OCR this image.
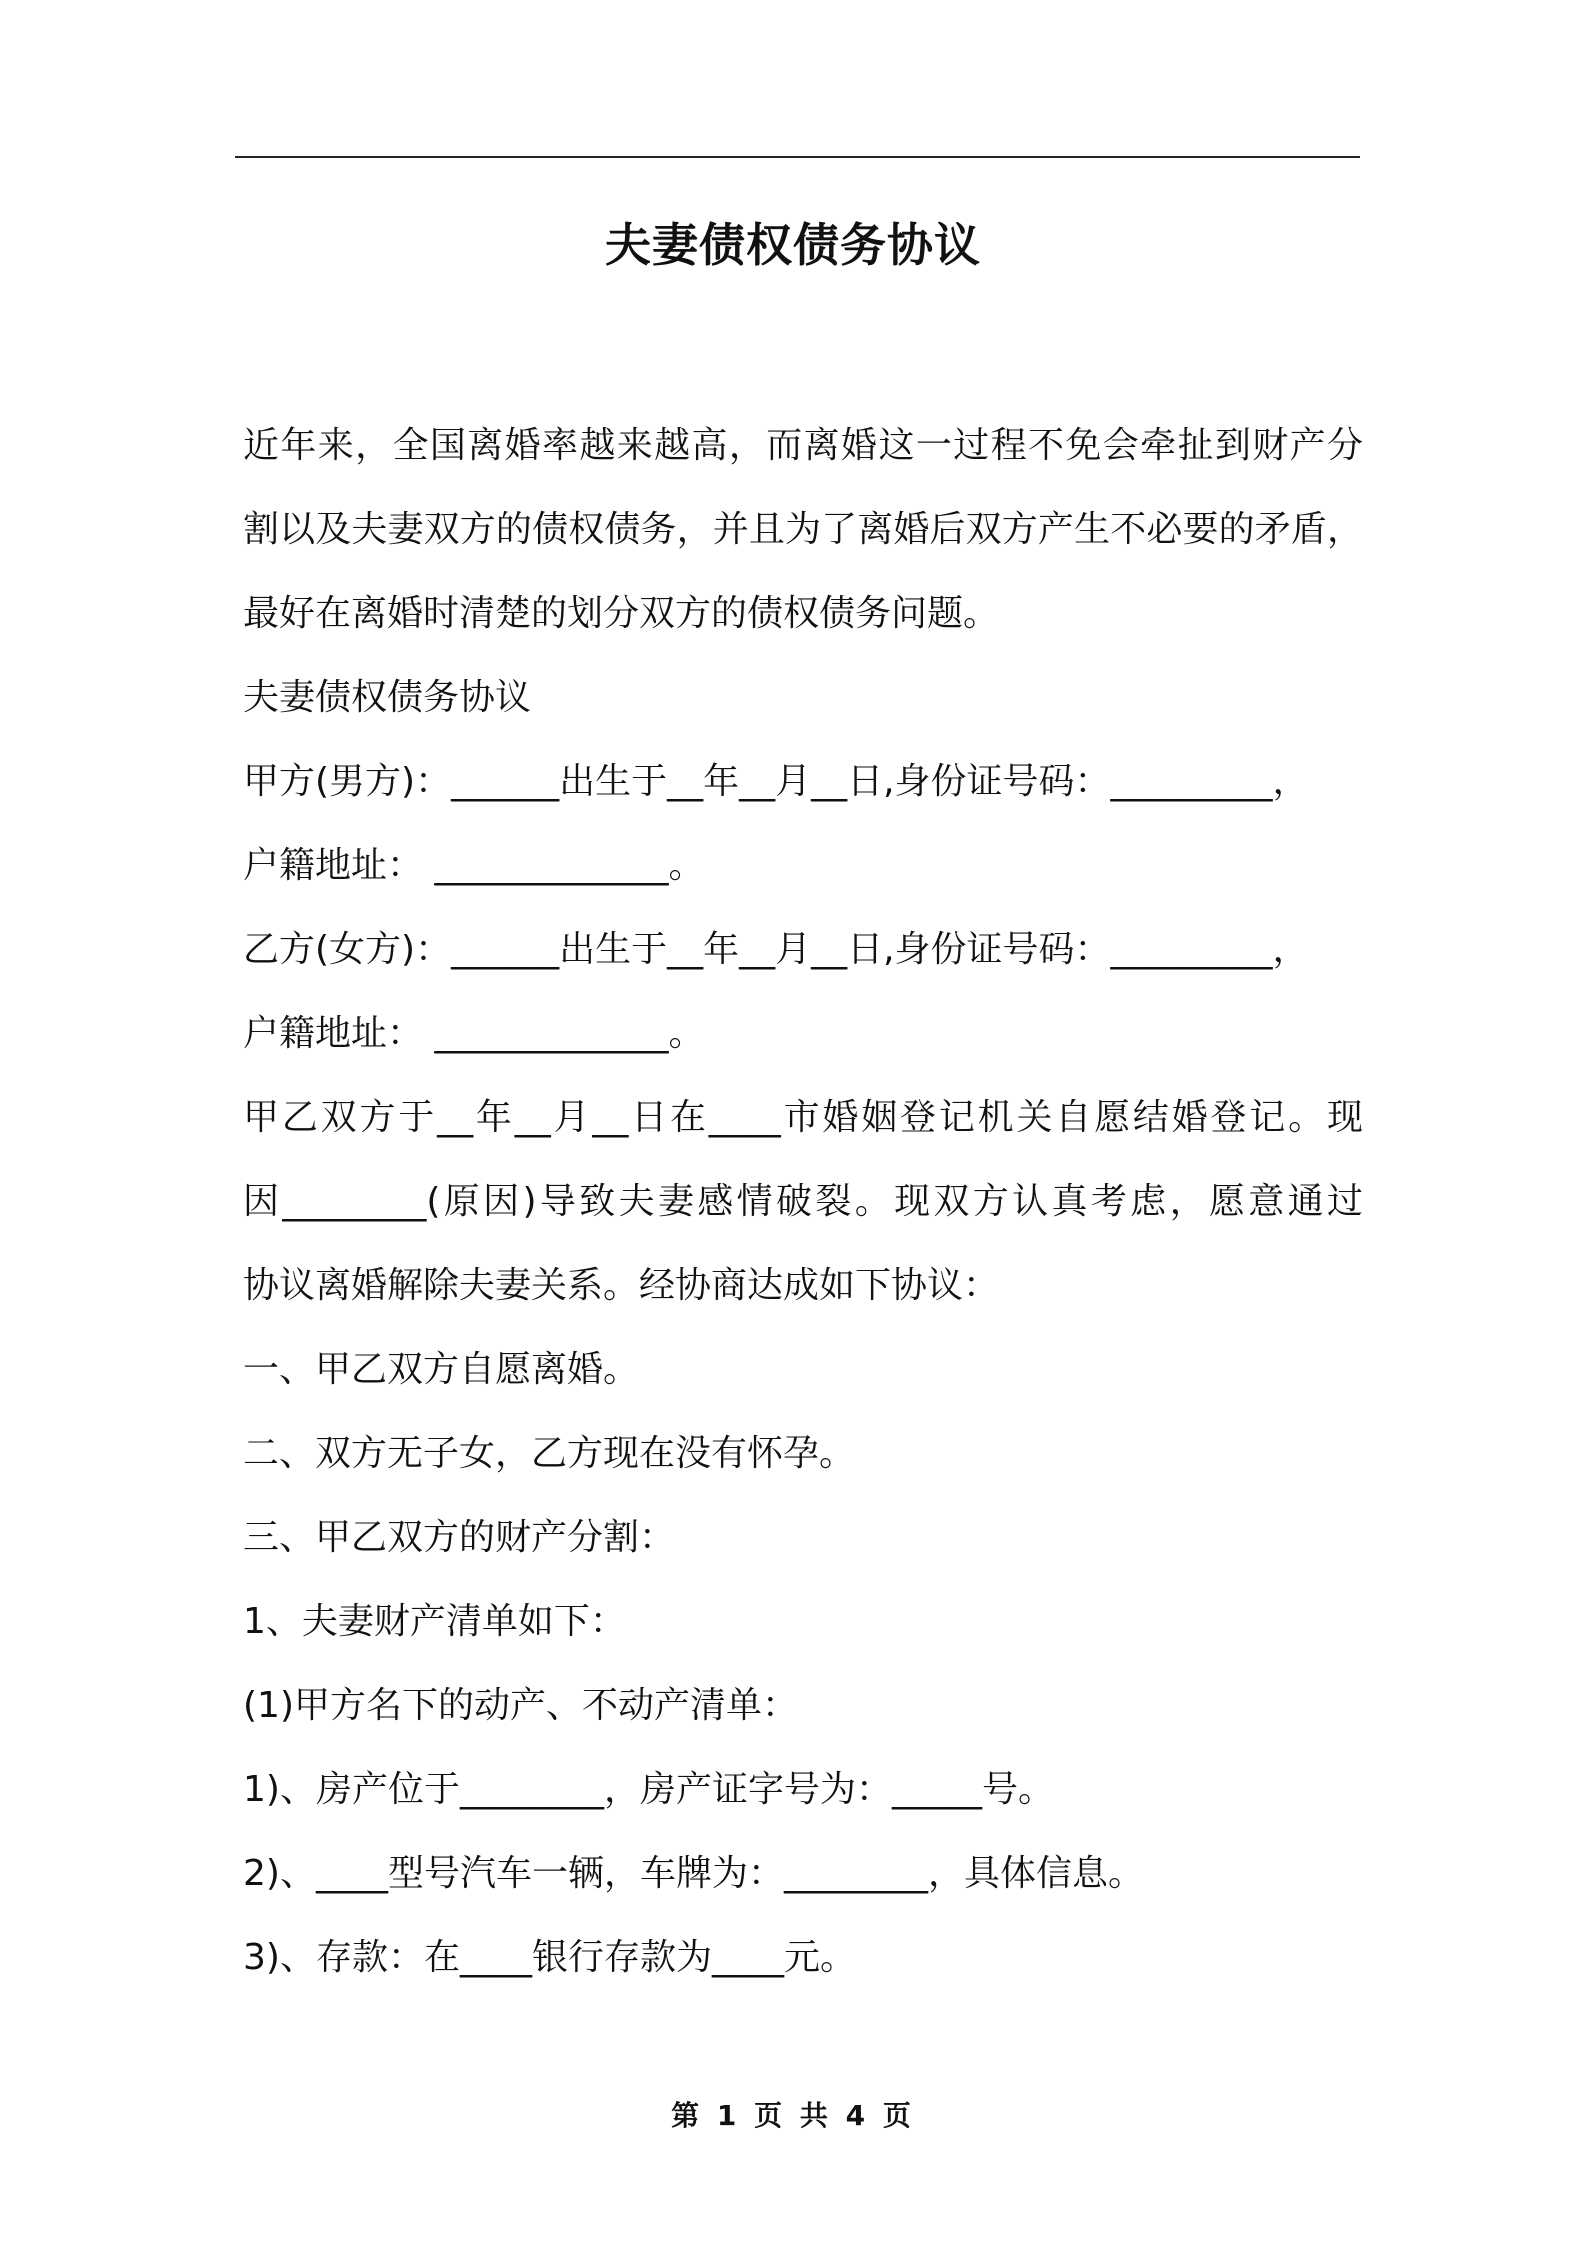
夫妻债权债务协议

近年来，全国离婚率越来越高，而离婚这一过程不免会牵扯到财产分
割以及夫妻双方的债权债务，并且为了离婚后双方产生不必要的矛盾，
最好在离婚时清楚的划分双方的债权债务问题。

夫妻债权债务协议

甲方(男方)：______出生于__年__月__日,身份证号码：_________，
户籍地址： _____________。

乙方(女方)：______出生于__年__月__日,身份证号码：_________，
户籍地址： _____________。

甲乙双方于__年__月__日在____市婚姻登记机关自愿结婚登记。现
因________(原因)导致夫妻感情破裂。现双方认真考虑，愿意通过
协议离婚解除夫妻关系。经协商达成如下协议：

一、甲乙双方自愿离婚。

二、双方无子女，乙方现在没有怀孕。

三、甲乙双方的财产分割：

1、夫妻财产清单如下：

(1)甲方名下的动产、不动产清单：

1)、房产位于________，房产证字号为：_____号。

2)、____型号汽车一辆，车牌为：________，具体信息。

3)、存款：在____银行存款为____元。

第 1 页 共 4 页
